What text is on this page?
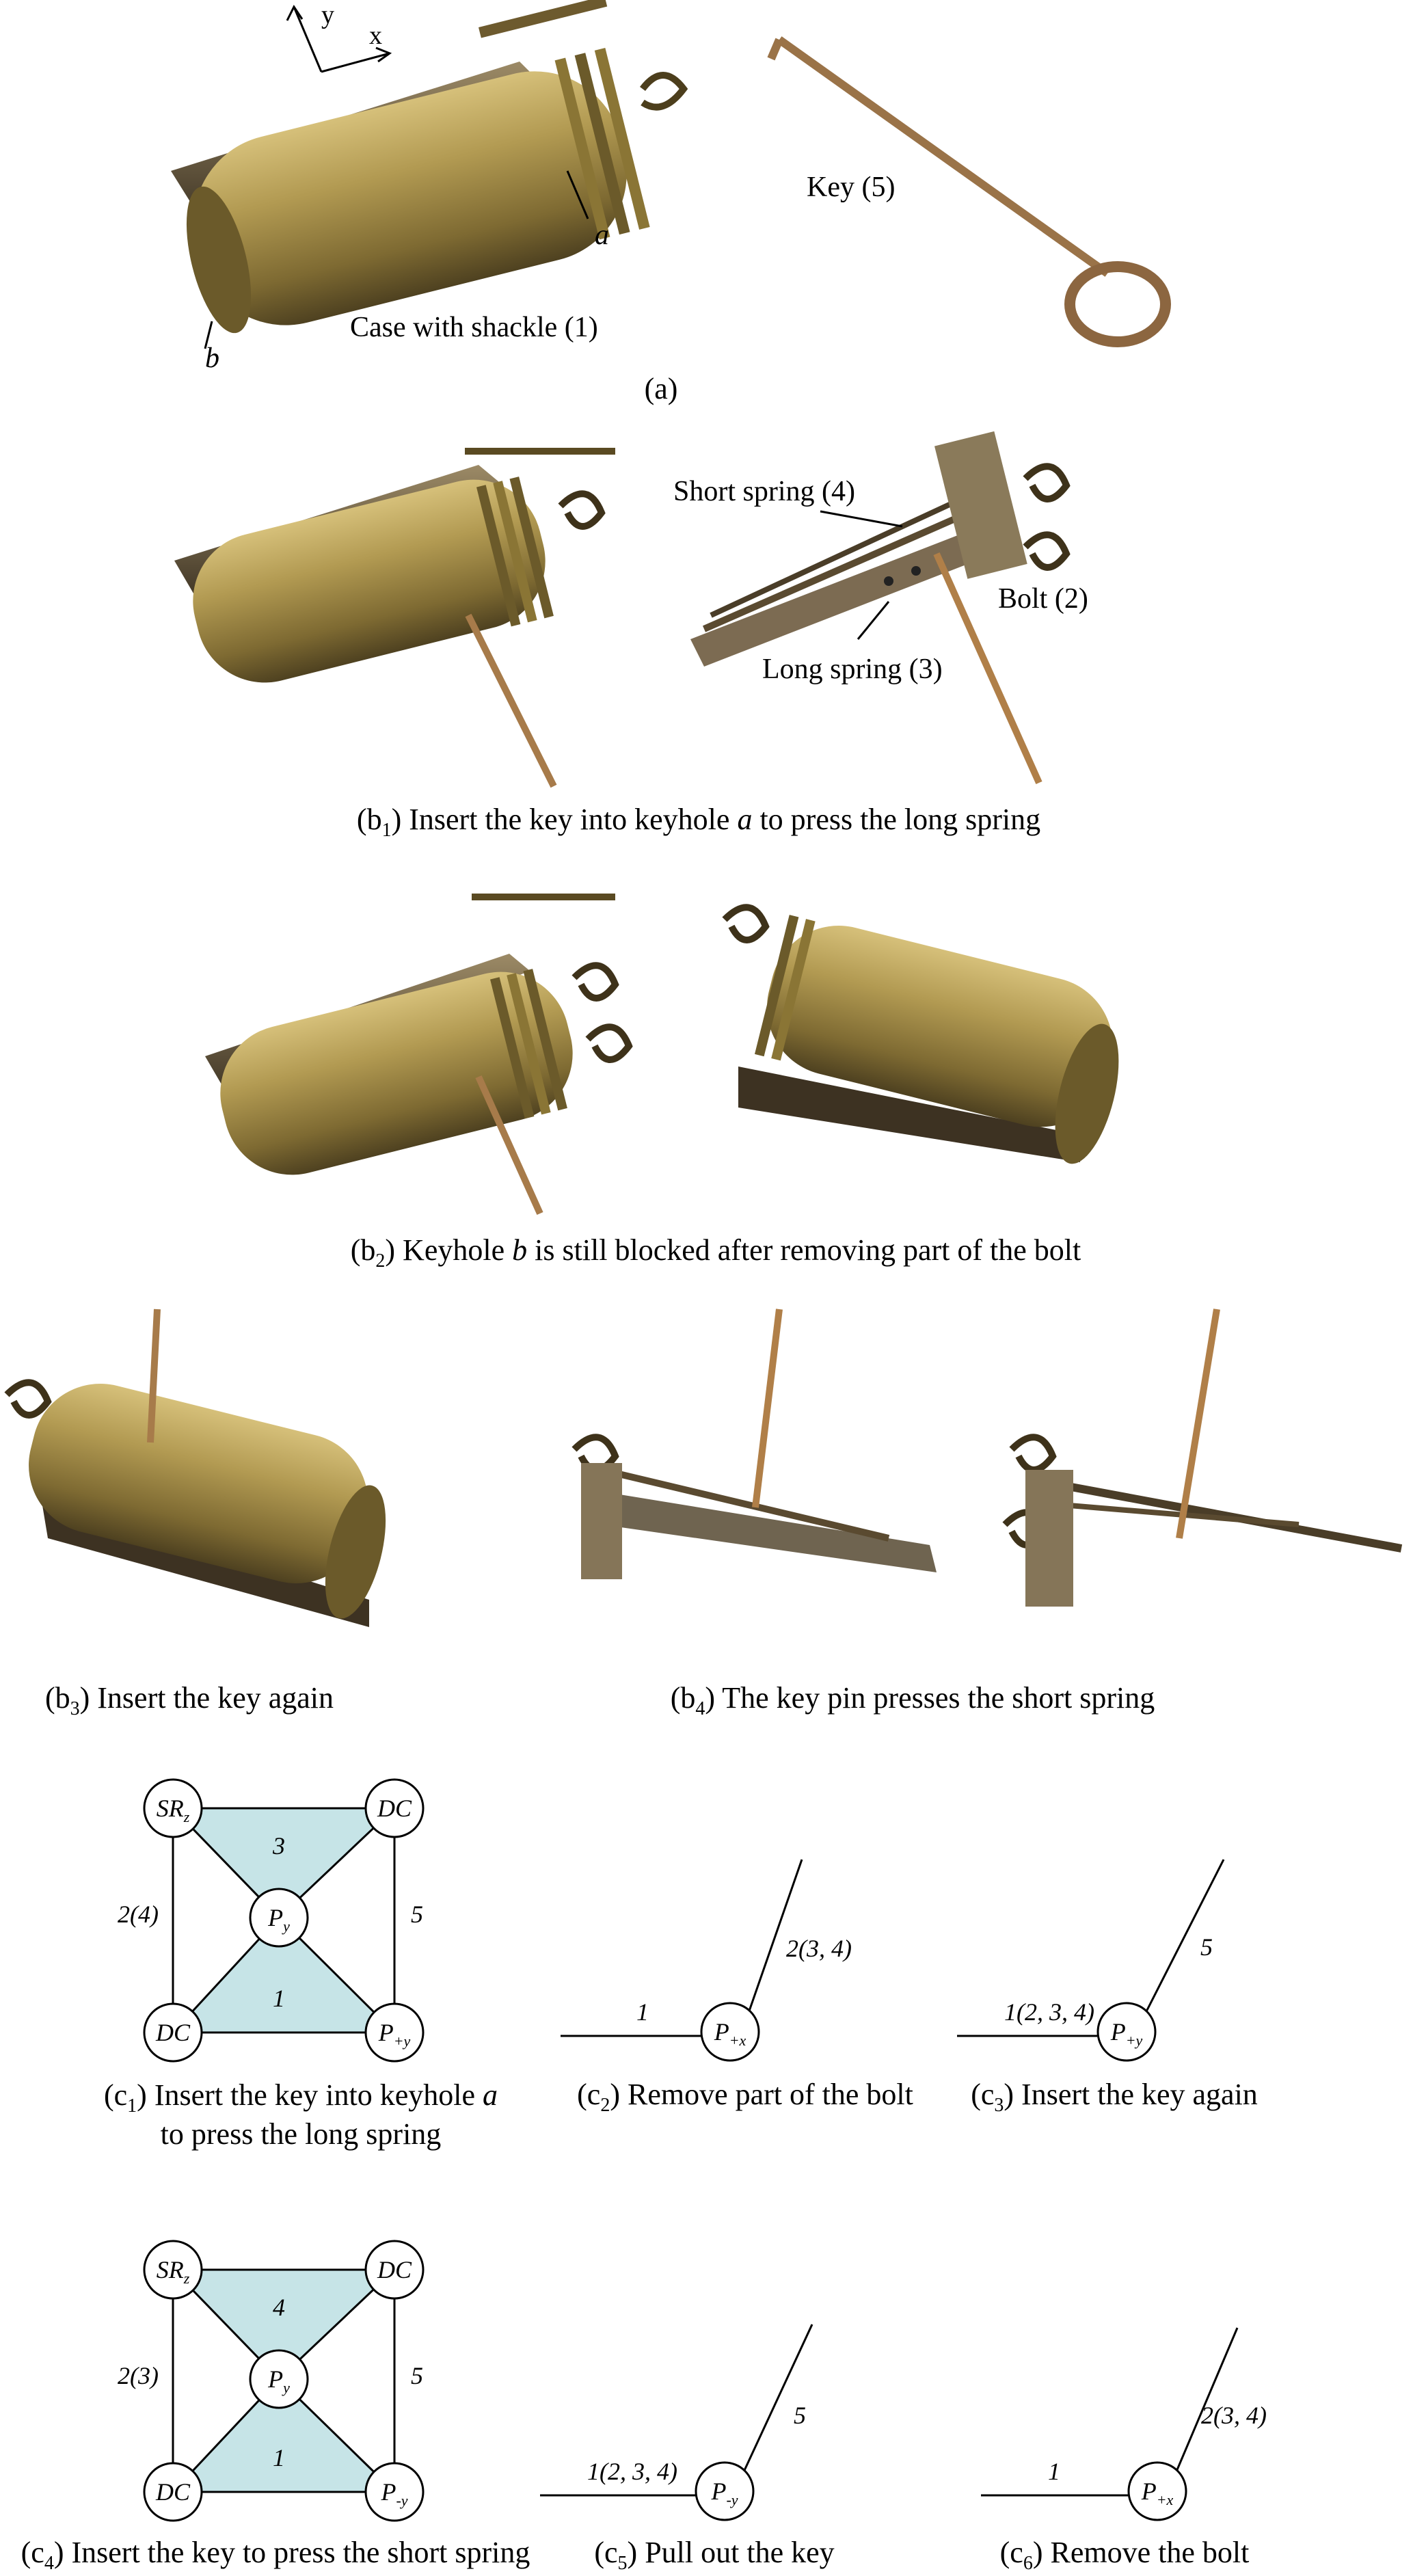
y
x
a
b
Case with shackle (1)
Key (5)
(a)
Short spring (4)
Bolt (2)
Long spring (3)
$(b_1)$ Insert the key into keyhole a to press the long spring
$(b_2)$ Keyhole b is still blocked after removing part of the bolt
$(b_3)$ Insert the key again	$(b_4)$ The key pin presses the short spring
$SR_z$	DC
$P_y$
DC	$P_{+y}$
3
1
2(4)	5
$P_{+x}$
1
2(3, 4)
$P_{+y}$
1(2, 3, 4)
5
$SR_z$	DC
$P_y$
DC	$P_{-y}$
4
1
2(3)	5
$P_{-y}$
1(2, 3, 4)
5
$P_{+x}$
1
2(3, 4)
$(c_1)$ Insert the key into keyhole a
to press the long spring
$(c_2)$ Remove part of the bolt $(c_3)$ Insert the key again
$(c_4)$ Insert the key to press the short spring $(c_5)$ Pull out the key	$(c_6)$ Remove the bolt
